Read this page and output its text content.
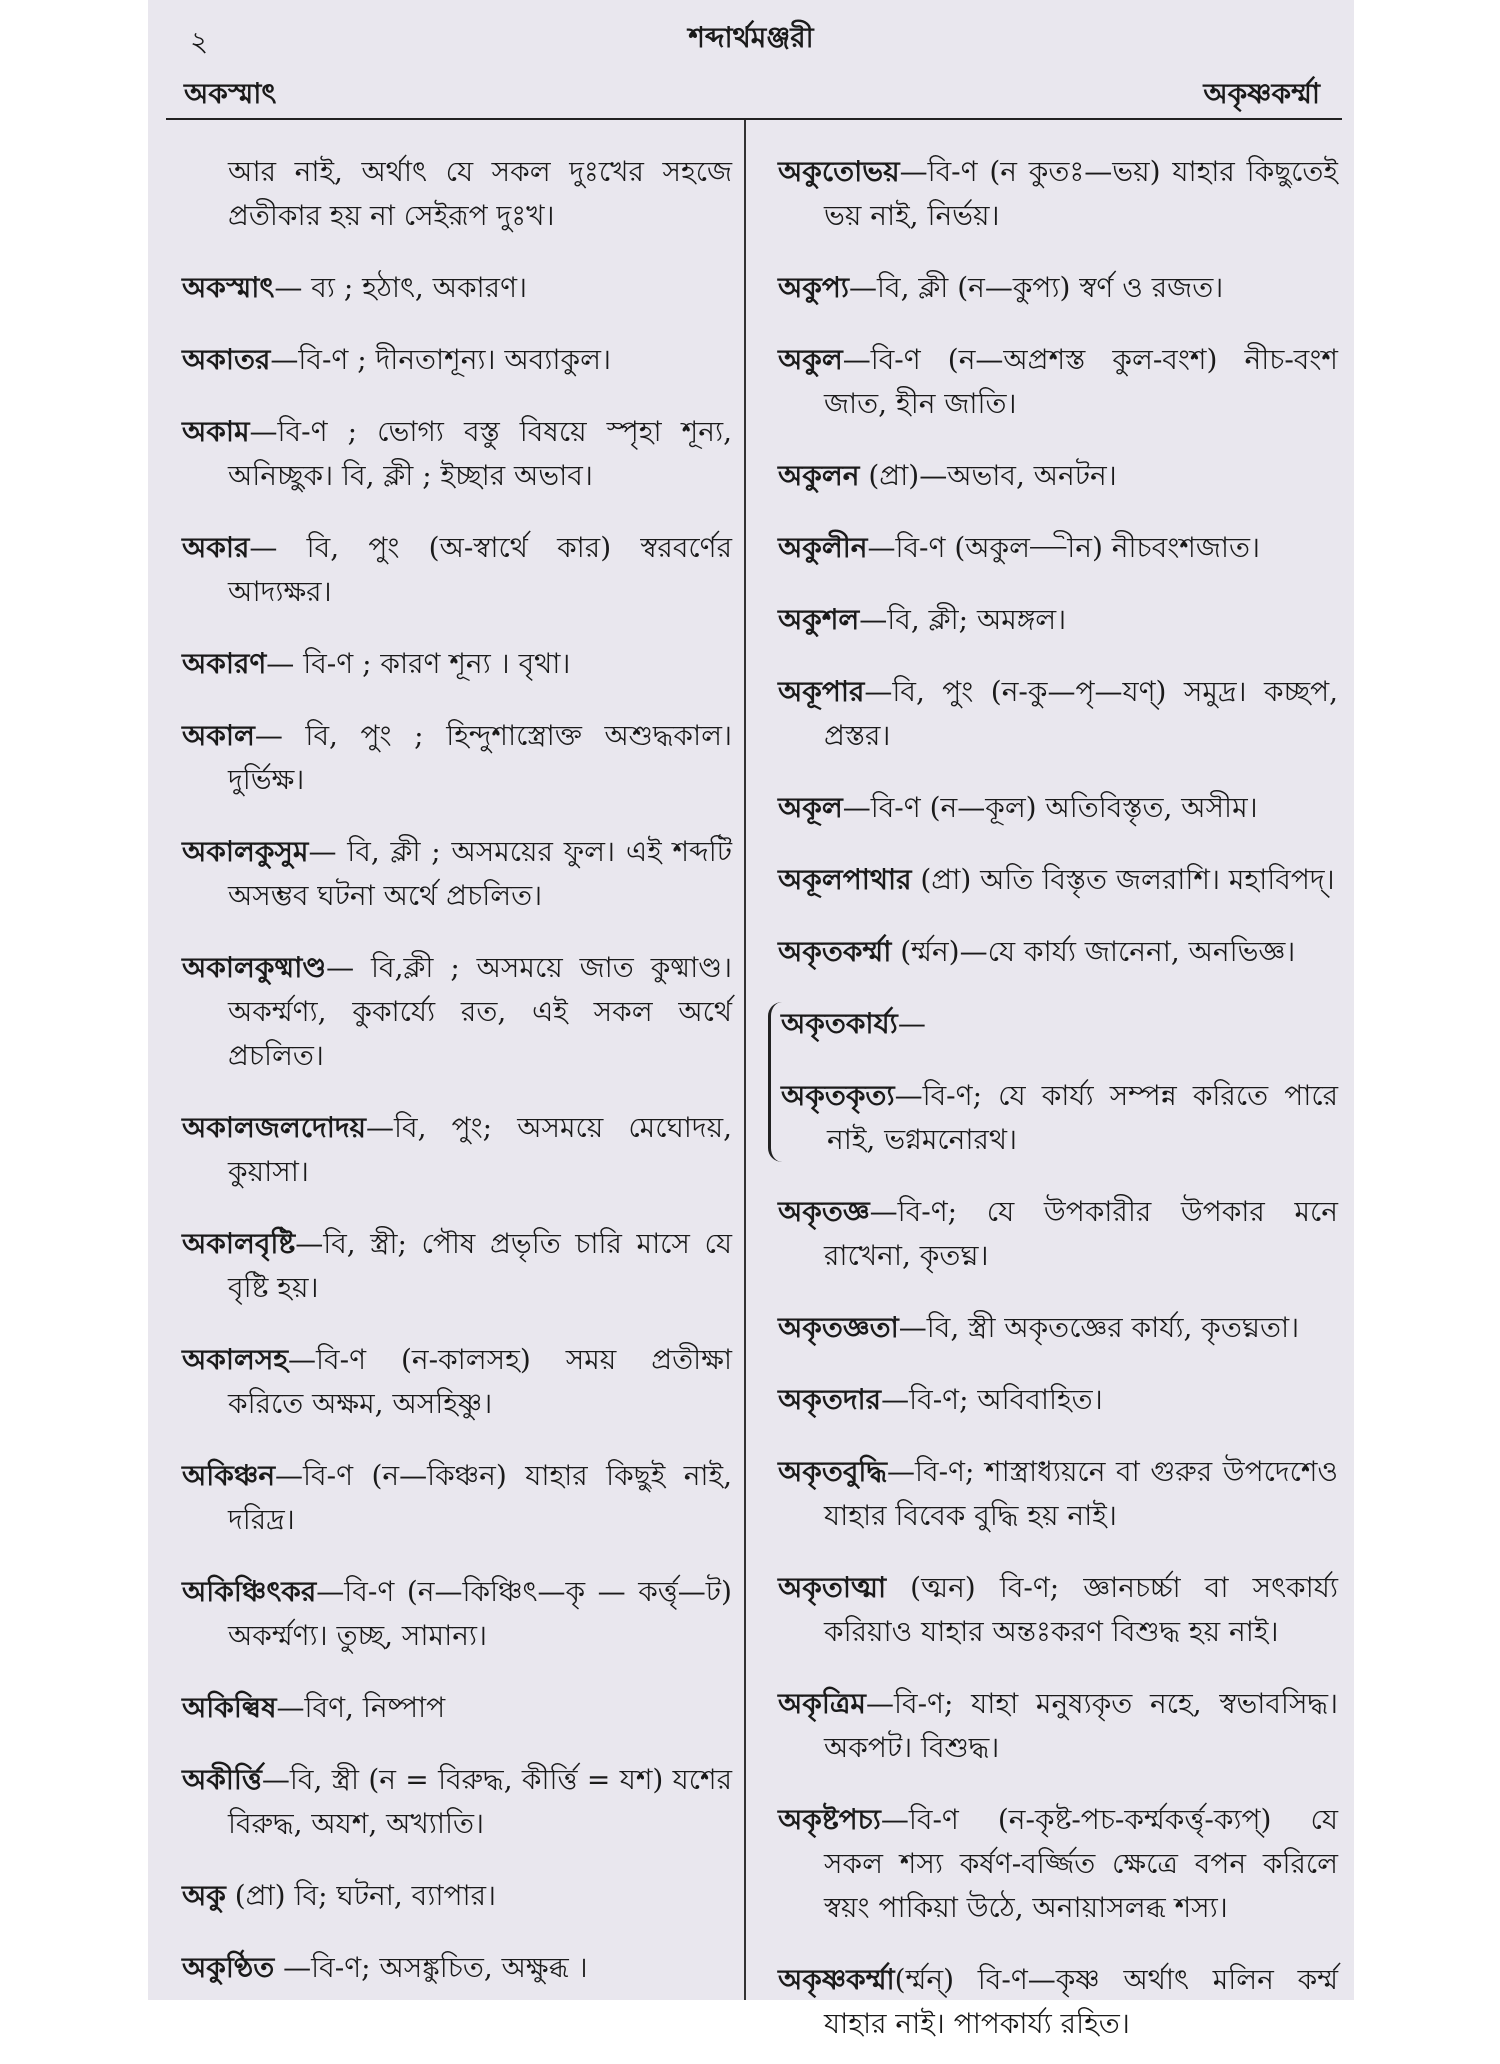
২	শব্দার্থমঞ্জরী
অকস্মাৎ	অকৃষ্ণকর্ম্মা

আর নাই, অর্থাৎ যে সকল দুঃখের সহজে প্রতীকার হয় না সেইরূপ দুঃখ।

অকস্মাৎ— ব্য ; হঠাৎ, অকারণ।

অকাতর—বি-ণ ; দীনতাশূন্য। অব্যাকুল।

অকাম—বি-ণ ; ভোগ্য বস্তু বিষয়ে স্পৃহা শূন্য, অনিচ্ছুক। বি, ক্লী ; ইচ্ছার অভাব।

অকার— বি, পুং (অ-স্বার্থে কার) স্বরবর্ণের আদ্যক্ষর।

অকারণ— বি-ণ ; কারণ শূন্য । বৃথা।

অকাল— বি, পুং ; হিন্দুশাস্ত্রোক্ত অশুদ্ধকাল। দুর্ভিক্ষ।

অকালকুসুম— বি, ক্লী ; অসময়ের ফুল। এই শব্দটি অসম্ভব ঘটনা অর্থে প্রচলিত।

অকালকুষ্মাণ্ড— বি,ক্লী ; অসময়ে জাত কুষ্মাণ্ড। অকর্ম্মণ্য, কুকার্য্যে রত, এই সকল অর্থে প্রচলিত।

অকালজলদোদয়—বি, পুং; অসময়ে মেঘোদয়, কুয়াসা।

অকালবৃষ্টি—বি, স্ত্রী; পৌষ প্রভৃতি চারি মাসে যে বৃষ্টি হয়।

অকালসহ—বি-ণ (ন-কালসহ) সময় প্রতীক্ষা করিতে অক্ষম, অসহিষ্ণু।

অকিঞ্চন—বি-ণ (ন—কিঞ্চন) যাহার কিছুই নাই, দরিদ্র।

অকিঞ্চিৎকর—বি-ণ (ন—কিঞ্চিৎ—কৃ — কর্ত্তৃ—ট) অকর্ম্মণ্য। তুচ্ছ, সামান্য।

অকিল্বিষ—বিণ, নিষ্পাপ

অকীর্ত্তি—বি, স্ত্রী (ন = বিরুদ্ধ, কীর্ত্তি = যশ) যশের বিরুদ্ধ, অযশ, অখ্যাতি।

অকু (প্রা) বি; ঘটনা, ব্যাপার।

অকুণ্ঠিত —বি-ণ; অসঙ্কুচিত, অক্ষুব্ধ ।

অকুতোভয়—বি-ণ (ন কুতঃ—ভয়) যাহার কিছুতেই ভয় নাই, নির্ভয়।

অকুপ্য—বি, ক্লী (ন—কুপ্য) স্বর্ণ ও রজত।

অকুল—বি-ণ (ন—অপ্রশস্ত কুল-বংশ) নীচ-বংশ জাত, হীন জাতি।

অকুলন (প্রা)—অভাব, অনটন।

অকুলীন—বি-ণ (অকুল—ীন) নীচবংশজাত।

অকুশল—বি, ক্লী; অমঙ্গল।

অকূপার—বি, পুং (ন-কু—পৃ—যণ্) সমুদ্র। কচ্ছপ, প্রস্তর।

অকূল—বি-ণ (ন—কূল) অতিবিস্তৃত, অসীম।

অকূলপাথার (প্রা) অতি বিস্তৃত জলরাশি। মহাবিপদ্।

অকৃতকর্ম্মা (র্ম্মন)—যে কার্য্য জানেনা, অনভিজ্ঞ।

অকৃতকার্য্য—

অকৃতকৃত্য—বি-ণ; যে কার্য্য সম্পন্ন করিতে পারে নাই, ভগ্নমনোরথ।

অকৃতজ্ঞ—বি-ণ; যে উপকারীর উপকার মনে রাখেনা, কৃতঘ্ন।

অকৃতজ্ঞতা—বি, স্ত্রী অকৃতজ্ঞের কার্য্য, কৃতঘ্নতা।

অকৃতদার—বি-ণ; অবিবাহিত।

অকৃতবুদ্ধি—বি-ণ; শাস্ত্রাধ্যয়নে বা গুরুর উপদেশেও যাহার বিবেক বুদ্ধি হয় নাই।

অকৃতাত্মা (ত্মন) বি-ণ; জ্ঞানচর্চ্চা বা সৎকার্য্য করিয়াও যাহার অন্তঃকরণ বিশুদ্ধ হয় নাই।

অকৃত্রিম—বি-ণ; যাহা মনুষ্যকৃত নহে, স্বভাবসিদ্ধ। অকপট। বিশুদ্ধ।

অকৃষ্টপচ্য—বি-ণ (ন-কৃষ্ট-পচ-কর্ম্মকর্ত্তৃ-ক্যপ্) যে সকল শস্য কর্ষণ-বর্জ্জিত ক্ষেত্রে বপন করিলে স্বয়ং পাকিয়া উঠে, অনায়াসলব্ধ শস্য।

অকৃষ্ণকর্ম্মা(র্ম্মন্) বি-ণ—কৃষ্ণ অর্থাৎ মলিন কর্ম্ম যাহার নাই। পাপকার্য্য রহিত।
